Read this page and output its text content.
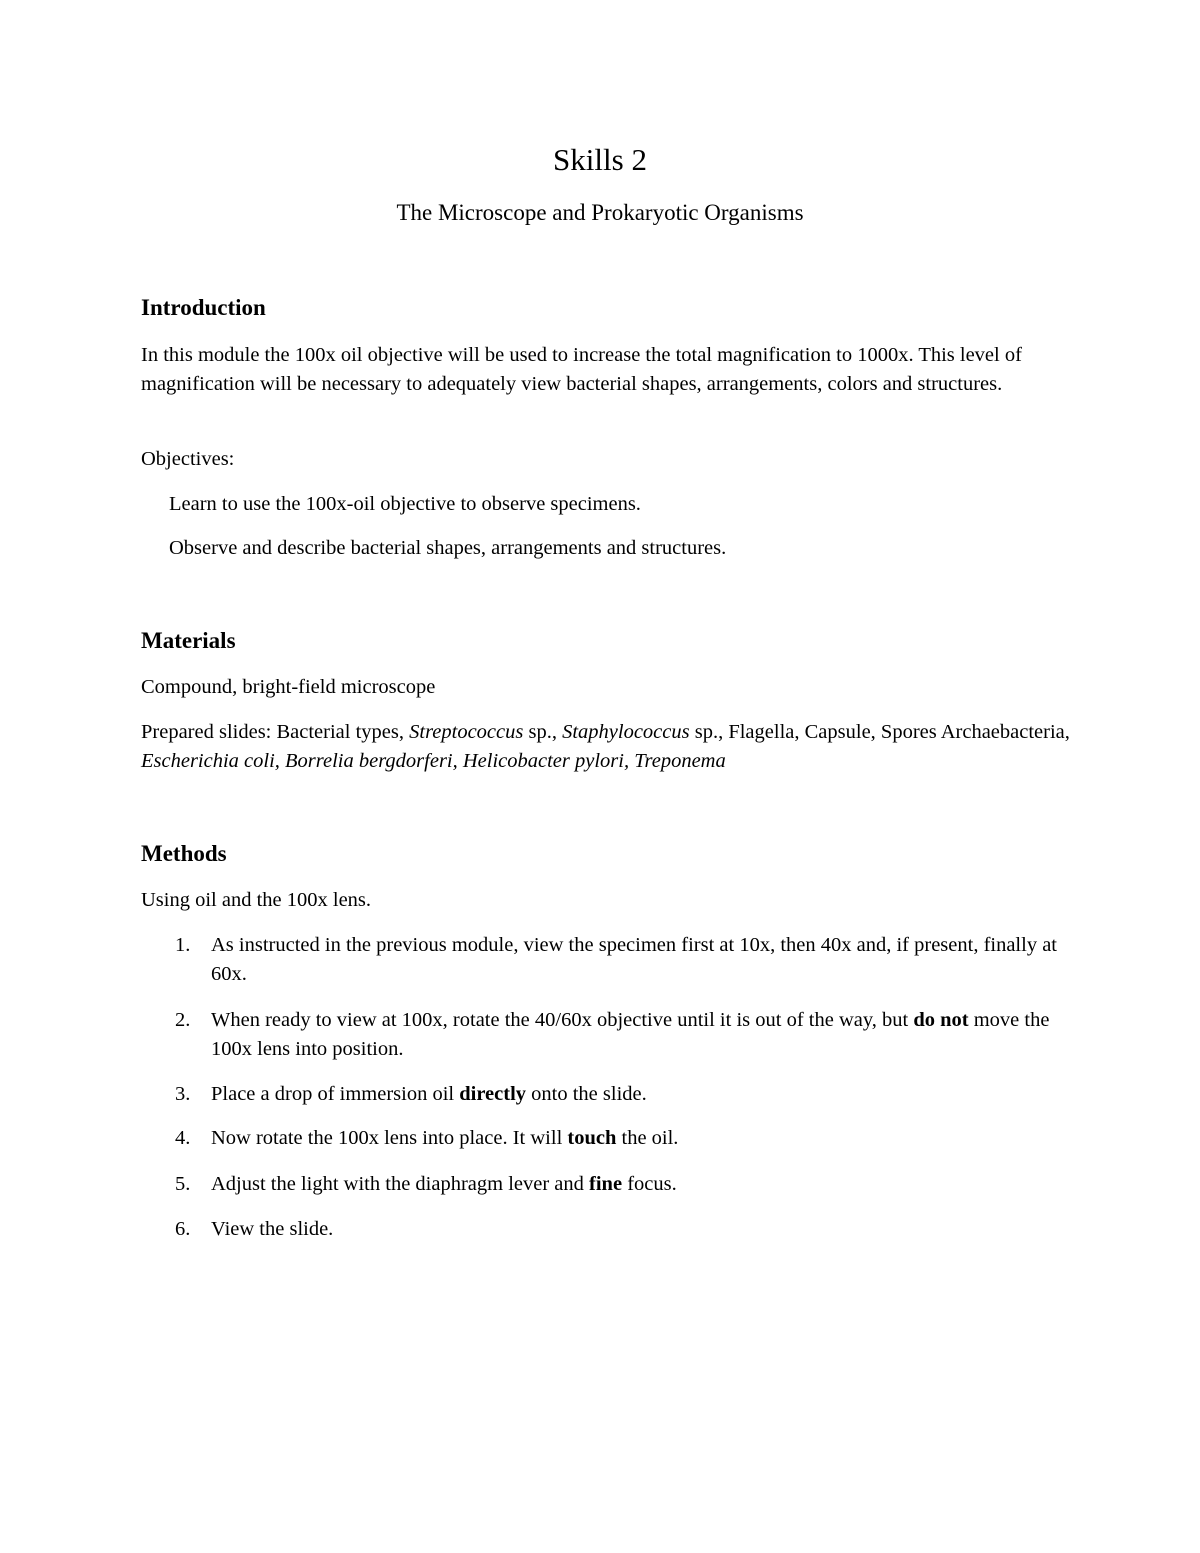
Skills 2
The Microscope and Prokaryotic Organisms
Introduction
In this module the 100x oil objective will be used to increase the total magnification to 1000x. This level of magnification will be necessary to adequately view bacterial shapes, arrangements, colors and structures.
Objectives:
Learn to use the 100x-oil objective to observe specimens.
Observe and describe bacterial shapes, arrangements and structures.
Materials
Compound, bright-field microscope
Prepared slides: Bacterial types, Streptococcus sp., Staphylococcus sp., Flagella, Capsule, Spores Archaebacteria, Escherichia coli, Borrelia bergdorferi, Helicobacter pylori, Treponema
Methods
Using oil and the 100x lens.
1. As instructed in the previous module, view the specimen first at 10x, then 40x and, if present, finally at 60x.
2. When ready to view at 100x, rotate the 40/60x objective until it is out of the way, but do not move the 100x lens into position.
3. Place a drop of immersion oil directly onto the slide.
4. Now rotate the 100x lens into place. It will touch the oil.
5. Adjust the light with the diaphragm lever and fine focus.
6. View the slide.
